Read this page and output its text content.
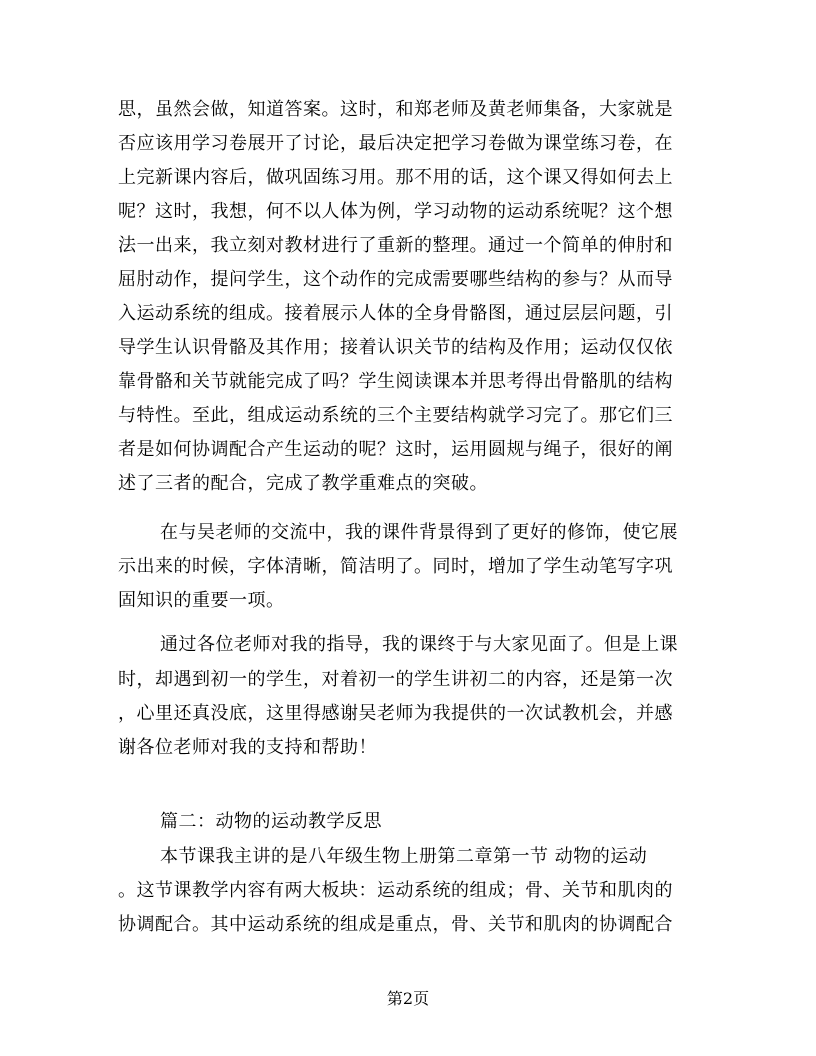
思，虽然会做，知道答案。这时，和郑老师及黄老师集备，大家就是
否应该用学习卷展开了讨论，最后决定把学习卷做为课堂练习卷，在
上完新课内容后，做巩固练习用。那不用的话，这个课又得如何去上
呢？这时，我想，何不以人体为例，学习动物的运动系统呢？这个想
法一出来，我立刻对教材进行了重新的整理。通过一个简单的伸肘和
屈肘动作，提问学生，这个动作的完成需要哪些结构的参与？从而导
入运动系统的组成。接着展示人体的全身骨骼图，通过层层问题，引
导学生认识骨骼及其作用；接着认识关节的结构及作用；运动仅仅依
靠骨骼和关节就能完成了吗？学生阅读课本并思考得出骨骼肌的结构
与特性。至此，组成运动系统的三个主要结构就学习完了。那它们三
者是如何协调配合产生运动的呢？这时，运用圆规与绳子，很好的阐
述了三者的配合，完成了教学重难点的突破。
在与吴老师的交流中，我的课件背景得到了更好的修饰，使它展
示出来的时候，字体清晰，简洁明了。同时，增加了学生动笔写字巩
固知识的重要一项。
通过各位老师对我的指导，我的课终于与大家见面了。但是上课
时，却遇到初一的学生，对着初一的学生讲初二的内容，还是第一次
，心里还真没底，这里得感谢吴老师为我提供的一次试教机会，并感
谢各位老师对我的支持和帮助！
篇二：动物的运动教学反思
本节课我主讲的是八年级生物上册第二章第一节 动物的运动
。这节课教学内容有两大板块：运动系统的组成；骨、关节和肌肉的
协调配合。其中运动系统的组成是重点，骨、关节和肌肉的协调配合
第2页
